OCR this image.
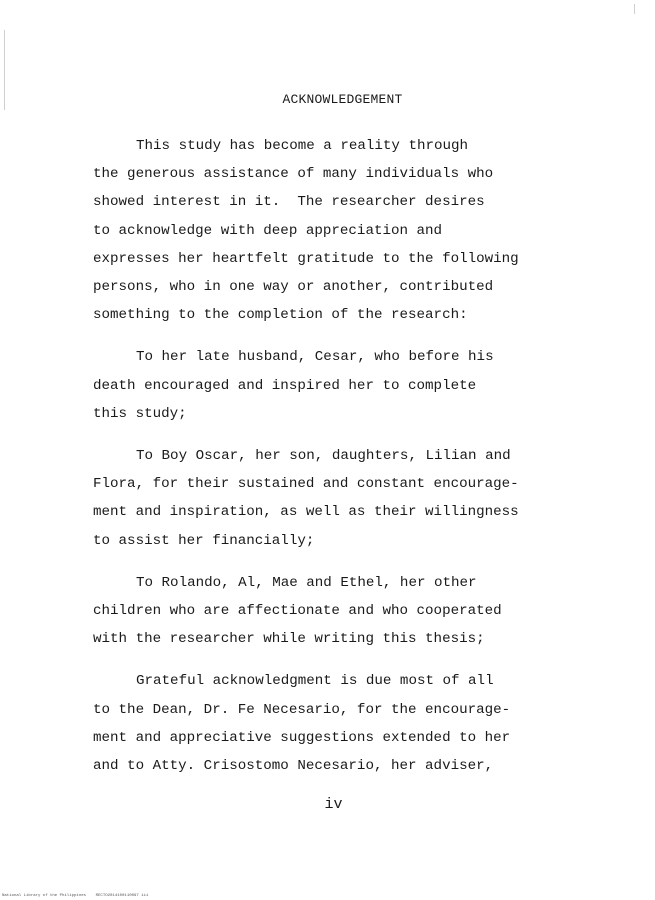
ACKNOWLEDGEMENT
This study has become a reality through
the generous assistance of many individuals who
showed interest in it.  The researcher desires
to acknowledge with deep appreciation and
expresses her heartfelt gratitude to the following
persons, who in one way or another, contributed
something to the completion of the research:
To her late husband, Cesar, who before his
death encouraged and inspired her to complete
this study;
To Boy Oscar, her son, daughters, Lilian and
Flora, for their sustained and constant encourage-
ment and inspiration, as well as their willingness
to assist her financially;
To Rolando, Al, Mae and Ethel, her other
children who are affectionate and who cooperated
with the researcher while writing this thesis;
Grateful acknowledgment is due most of all
to the Dean, Dr. Fe Necesario, for the encourage-
ment and appreciative suggestions extended to her
and to Atty. Crisostomo Necesario, her adviser,
iv
National Library of the Philippines    RECTO2014100110097 iii
